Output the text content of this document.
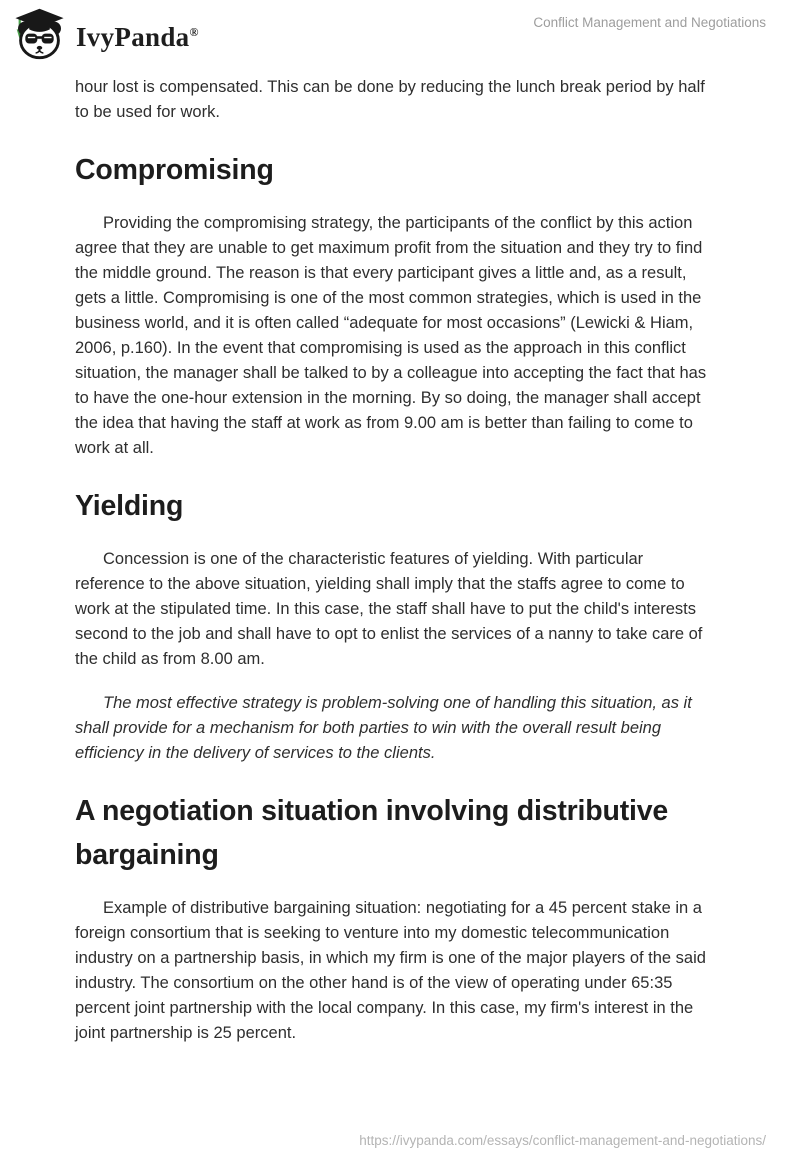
IvyPanda®
Conflict Management and Negotiations

hour lost is compensated. This can be done by reducing the lunch break period by half to be used for work.

Compromising

Providing the compromising strategy, the participants of the conflict by this action agree that they are unable to get maximum profit from the situation and they try to find the middle ground. The reason is that every participant gives a little and, as a result, gets a little. Compromising is one of the most common strategies, which is used in the business world, and it is often called “adequate for most occasions” (Lewicki & Hiam, 2006, p.160). In the event that compromising is used as the approach in this conflict situation, the manager shall be talked to by a colleague into accepting the fact that has to have the one-hour extension in the morning. By so doing, the manager shall accept the idea that having the staff at work as from 9.00 am is better than failing to come to work at all.

Yielding

Concession is one of the characteristic features of yielding. With particular reference to the above situation, yielding shall imply that the staffs agree to come to work at the stipulated time. In this case, the staff shall have to put the child's interests second to the job and shall have to opt to enlist the services of a nanny to take care of the child as from 8.00 am.

The most effective strategy is problem-solving one of handling this situation, as it shall provide for a mechanism for both parties to win with the overall result being efficiency in the delivery of services to the clients.

A negotiation situation involving distributive bargaining

Example of distributive bargaining situation: negotiating for a 45 percent stake in a foreign consortium that is seeking to venture into my domestic telecommunication industry on a partnership basis, in which my firm is one of the major players of the said industry. The consortium on the other hand is of the view of operating under 65:35 percent joint partnership with the local company. In this case, my firm's interest in the joint partnership is 25 percent.

https://ivypanda.com/essays/conflict-management-and-negotiations/
